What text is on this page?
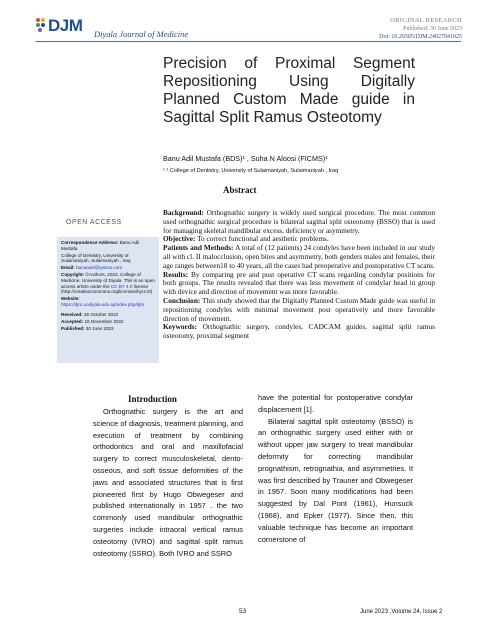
DJM Diyala Journal of Medicine
ORIGINAL RESEARCH
Published: 30 June 2023
Doi: 10.26505/DJM.24027041025
Precision of Proximal Segment Repositioning Using Digitally Planned Custom Made guide in Sagittal Split Ramus Osteotomy
Banu Adil Mustafa (BDS)¹ , Suha N Aloosi (FICMS)¹
¹ ² College of Dentistry, University of Sulaimaniyah, Sulaimaniyah , Iraq
Abstract
OPEN ACCESS

Correspondence Address: Banu Adil Mustafa

College of Dentistry, University of Sulaimaniyah, Sulaimaniyah , Iraq

Email: banuadel@yahoo.com

Copyright: ©Authors, 2023, College of Medicine, University of Diyala. This is an open access article under the CC BY 4.0 license (http://creativecommons.org/licenses/by/4.0/)

Website: https://djm.uodiyala.edu.iq/index.php/djm

Received: 25 October 2022

Accepted: 18 December 2022

Published: 30 June 2023

Background: Orthognathic surgery is widely used surgical procedure. The most common used orthognathic surgical procedure is bilateral sagittal split osteotomy (BSSO) that is used for managing skeletal mandibular excess, deficiency or asymmetry.

Objective: To correct functional and aesthetic problems.

Patients and Methods: A total of (12 patients) 24 condyles have been included in our study all with cl. II malocclusion, open bites and asymmetry, both genders males and females, their age ranges between18 to 40 years, all the cases had preoperative and postoperative CT scans.

Results: By comparing pre and post operative CT scans regarding condylar positions for both groups. The results revealed that there was less movement of condylar head in group with device and direction of movement was more favorable.

Conclusion: This study showed that the Digitally Planned Custom Made guide was useful in repositioning condyles with minimal movement post operatively and more favorable direction of movement.

Keywords: Orthognathic surgery, condyles, CADCAM guides, sagittal split ramus osteotomy, proximal segment

Introduction

Orthognathic surgery is the art and science of diagnosis, treatment planning, and execution of treatment by combining orthodontics and oral and maxillofacial surgery to correct musculoskeletal, dento-osseous, and soft tissue deformities of the jaws and associated structures that is first pioneered first by Hugo Obwegeser and published internationally in 1957 . the two commonly used mandibular orthognathic surgeries include intraoral vertical ramus osteotomy (IVRO) and sagittal split ramus osteotomy (SSRO). Both IVRO and SSRO

have the potential for postoperative condylar displacement [1].

Bilateral sagittal split osteotomy (BSSO) is an orthognathic surgery used either with or without upper jaw surgery to treat mandibular deformity for correcting mandibular prognathism, retrognathia, and asymmetries. It was first described by Trauner and Obwegeser in 1957. Soon many modifications had been suggested by Dal Pont (1961), Hunsuck (1968), and Epker (1977). Since then, this valuable technique has become an important cornerstone of

53	June 2023 ,Volume 24, Issue 2
